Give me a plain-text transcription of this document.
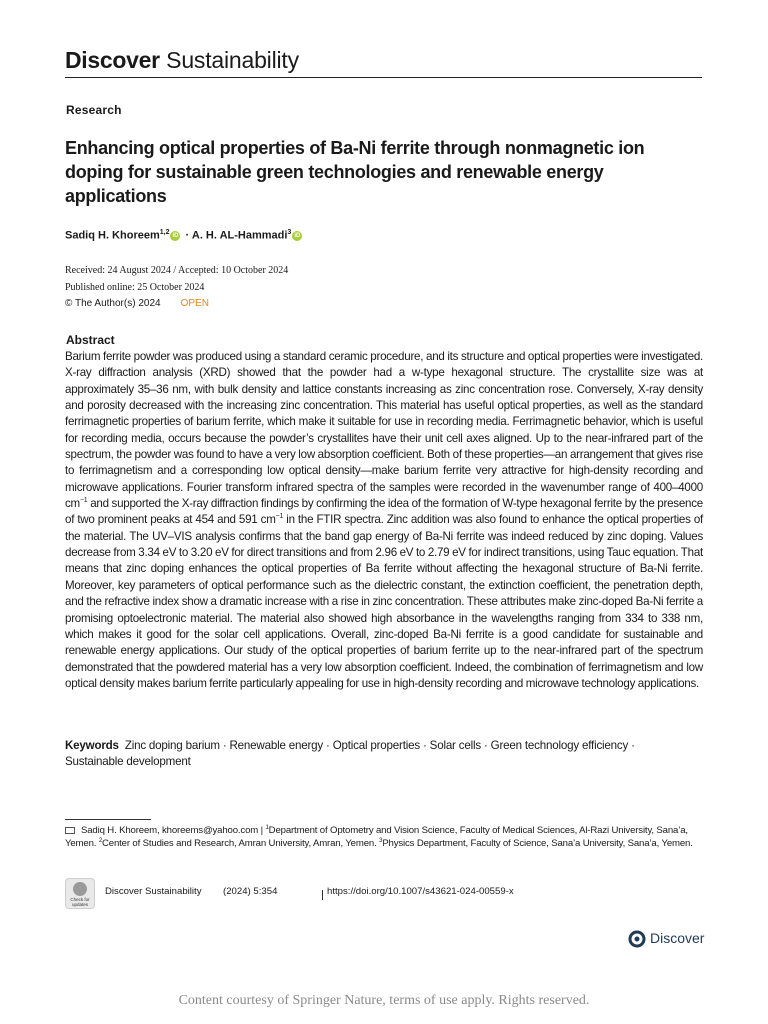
Discover Sustainability
Research
Enhancing optical properties of Ba-Ni ferrite through nonmagnetic ion doping for sustainable green technologies and renewable energy applications
Sadiq H. Khoreem$^{1,2}$ iD · A. H. AL-Hammadi$^3$ iD
Received: 24 August 2024 / Accepted: 10 October 2024
Published online: 25 October 2024
© The Author(s) 2024 OPEN
Abstract
Barium ferrite powder was produced using a standard ceramic procedure, and its structure and optical properties were investigated. X-ray diffraction analysis (XRD) showed that the powder had a w-type hexagonal structure. The crystallite size was at approximately 35–36 nm, with bulk density and lattice constants increasing as zinc concentration rose. Conversely, X-ray density and porosity decreased with the increasing zinc concentration. This material has useful optical properties, as well as the standard ferrimagnetic properties of barium ferrite, which make it suitable for use in recording media. Ferrimagnetic behavior, which is useful for recording media, occurs because the powder’s crystallites have their unit cell axes aligned. Up to the near-infrared part of the spectrum, the powder was found to have a very low absorption coefficient. Both of these properties—an arrangement that gives rise to ferrimagnetism and a corresponding low optical density—make barium ferrite very attractive for high-density recording and microwave applications. Fourier transform infrared spectra of the samples were recorded in the wavenumber range of 400–4000 $cm^{-1}$ and supported the X-ray diffraction findings by confirming the idea of the formation of W-type hexagonal ferrite by the presence of two prominent peaks at 454 and 591 $cm^{-1}$ in the FTIR spectra. Zinc addition was also found to enhance the optical properties of the material. The UV–VIS analysis confirms that the band gap energy of Ba-Ni ferrite was indeed reduced by zinc doping. Values decrease from 3.34 eV to 3.20 eV for direct transitions and from 2.96 eV to 2.79 eV for indirect transitions, using Tauc equation. That means that zinc doping enhances the optical properties of Ba ferrite without affecting the hexagonal structure of Ba-Ni ferrite. Moreover, key parameters of optical performance such as the dielectric constant, the extinction coefficient, the penetration depth, and the refractive index show a dramatic increase with a rise in zinc concentration. These attributes make zinc-doped Ba-Ni ferrite a promising optoelectronic material. The material also showed high absorbance in the wavelengths ranging from 334 to 338 nm, which makes it good for the solar cell applications. Overall, zinc-doped Ba-Ni ferrite is a good candidate for sustainable and renewable energy applications. Our study of the optical properties of barium ferrite up to the near-infrared part of the spectrum demonstrated that the powdered material has a very low absorption coefficient. Indeed, the combination of ferrimagnetism and low optical density makes barium ferrite particularly appealing for use in high-density recording and microwave technology applications.
Keywords Zinc doping barium · Renewable energy · Optical properties · Solar cells · Green technology efficiency · Sustainable development
Sadiq H. Khoreem, khoreems@yahoo.com | $^1$Department of Optometry and Vision Science, Faculty of Medical Sciences, Al-Razi University, Sana’a, Yemen. $^2$Center of Studies and Research, Amran University, Amran, Yemen. $^3$Physics Department, Faculty of Science, Sana’a University, Sana’a, Yemen.
Check for updates
Discover Sustainability (2024) 5:354	https://doi.org/10.1007/s43621-024-00559-x
Discover
Content courtesy of Springer Nature, terms of use apply. Rights reserved.
